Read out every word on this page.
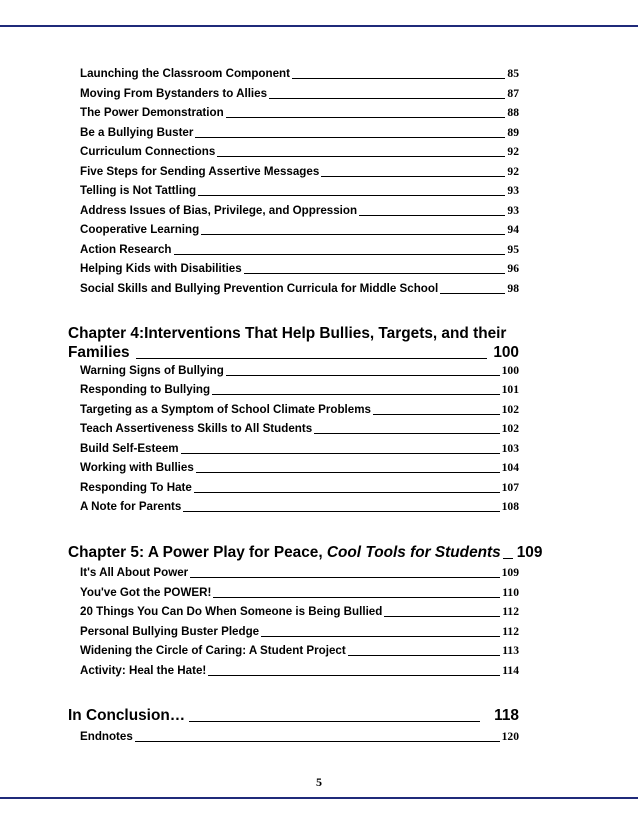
Launching the Classroom Component	85
Moving From Bystanders to Allies	87
The Power Demonstration	88
Be a Bullying Buster	89
Curriculum Connections	92
Five Steps for Sending Assertive Messages	92
Telling is Not Tattling	93
Address Issues of Bias, Privilege, and Oppression	93
Cooperative Learning	94
Action Research	95
Helping Kids with Disabilities	96
Social Skills and Bullying Prevention Curricula for Middle School	98
Chapter 4:Interventions That Help Bullies, Targets, and their
Families	100
Warning Signs of Bullying	100
Responding to Bullying	101
Targeting as a Symptom of School Climate Problems	102
Teach Assertiveness Skills to All Students	102
Build Self-Esteem	103
Working with Bullies	104
Responding To Hate	107
A Note for Parents	108
Chapter 5: A Power Play for Peace, Cool Tools for Students 109
It's All About Power	109
You've Got the POWER!	110
20 Things You Can Do When Someone is Being Bullied	112
Personal Bullying Buster Pledge	112
Widening the Circle of Caring: A Student Project	113
Activity: Heal the Hate!	114
In Conclusion…	118
Endnotes	120
5
